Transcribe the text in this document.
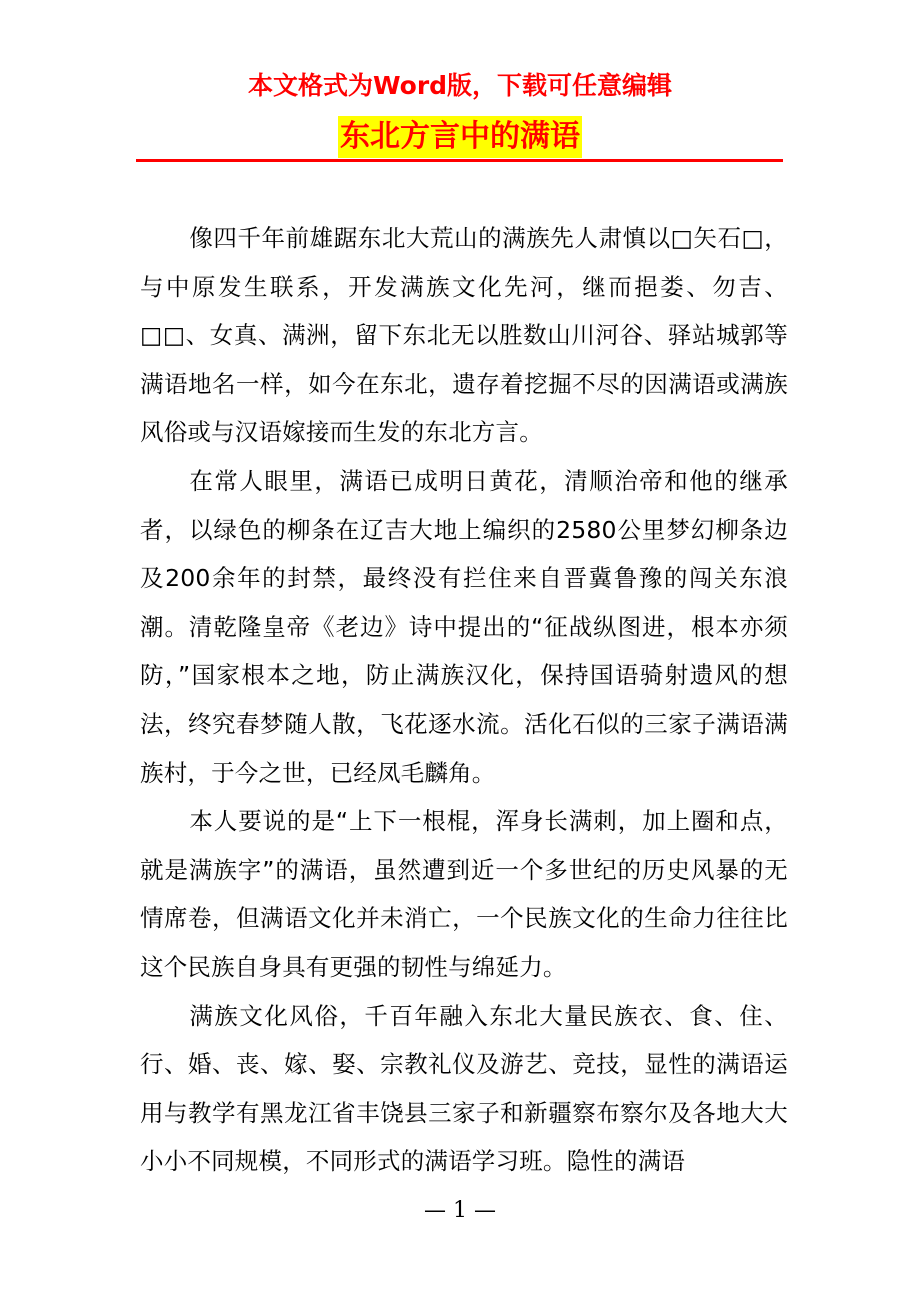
本文格式为Word版，下载可任意编辑
东北方言中的满语

像四千年前雄踞东北大荒山的满族先人肃慎以□矢石□，与中原发生联系，开发满族文化先河，继而挹娄、勿吉、□□、女真、满洲，留下东北无以胜数山川河谷、驿站城郭等满语地名一样，如今在东北，遗存着挖掘不尽的因满语或满族风俗或与汉语嫁接而生发的东北方言。

在常人眼里，满语已成明日黄花，清顺治帝和他的继承者，以绿色的柳条在辽吉大地上编织的2580公里梦幻柳条边及200余年的封禁，最终没有拦住来自晋冀鲁豫的闯关东浪潮。清乾隆皇帝《老边》诗中提出的“征战纵图进，根本亦须防，”国家根本之地，防止满族汉化，保持国语骑射遗风的想法，终究春梦随人散，飞花逐水流。活化石似的三家子满语满族村，于今之世，已经凤毛麟角。

本人要说的是“上下一根棍，浑身长满刺，加上圈和点，就是满族字”的满语，虽然遭到近一个多世纪的历史风暴的无情席卷，但满语文化并未消亡，一个民族文化的生命力往往比这个民族自身具有更强的韧性与绵延力。

满族文化风俗，千百年融入东北大量民族衣、食、住、行、婚、丧、嫁、娶、宗教礼仪及游艺、竞技，显性的满语运用与教学有黑龙江省丰饶县三家子和新疆察布察尔及各地大大小小不同规模，不同形式的满语学习班。隐性的满语

— 1 —
